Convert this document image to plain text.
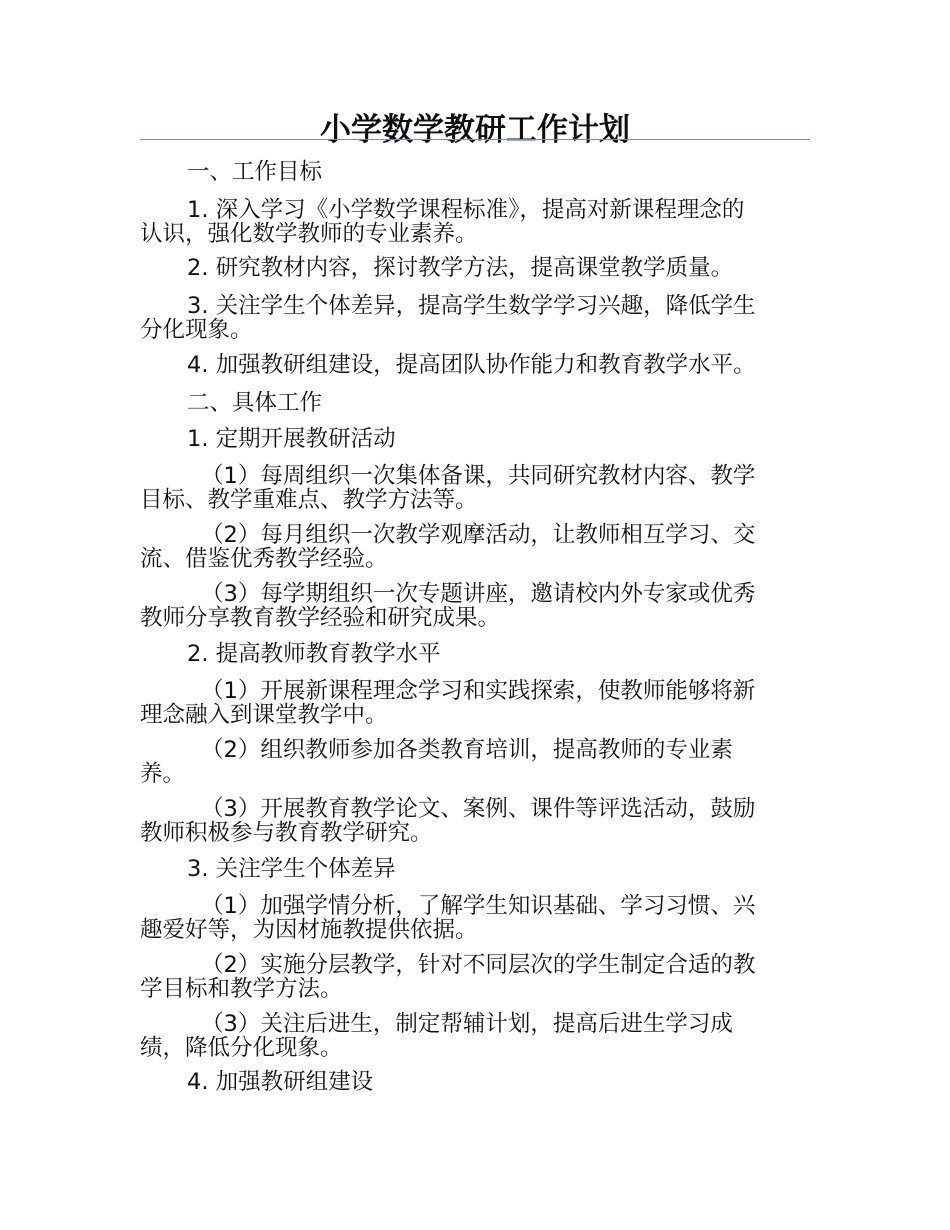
小学数学教研工作计划
一、工作目标
1. 深入学习《小学数学课程标准》，提高对新课程理念的
认识，强化数学教师的专业素养。
2. 研究教材内容，探讨教学方法，提高课堂教学质量。
3. 关注学生个体差异，提高学生数学学习兴趣，降低学生
分化现象。
4. 加强教研组建设，提高团队协作能力和教育教学水平。
二、具体工作
1. 定期开展教研活动
（1）每周组织一次集体备课，共同研究教材内容、教学
目标、教学重难点、教学方法等。
（2）每月组织一次教学观摩活动，让教师相互学习、交
流、借鉴优秀教学经验。
（3）每学期组织一次专题讲座，邀请校内外专家或优秀
教师分享教育教学经验和研究成果。
2. 提高教师教育教学水平
（1）开展新课程理念学习和实践探索，使教师能够将新
理念融入到课堂教学中。
（2）组织教师参加各类教育培训，提高教师的专业素
养。
（3）开展教育教学论文、案例、课件等评选活动，鼓励
教师积极参与教育教学研究。
3. 关注学生个体差异
（1）加强学情分析，了解学生知识基础、学习习惯、兴
趣爱好等，为因材施教提供依据。
（2）实施分层教学，针对不同层次的学生制定合适的教
学目标和教学方法。
（3）关注后进生，制定帮辅计划，提高后进生学习成
绩，降低分化现象。
4. 加强教研组建设
